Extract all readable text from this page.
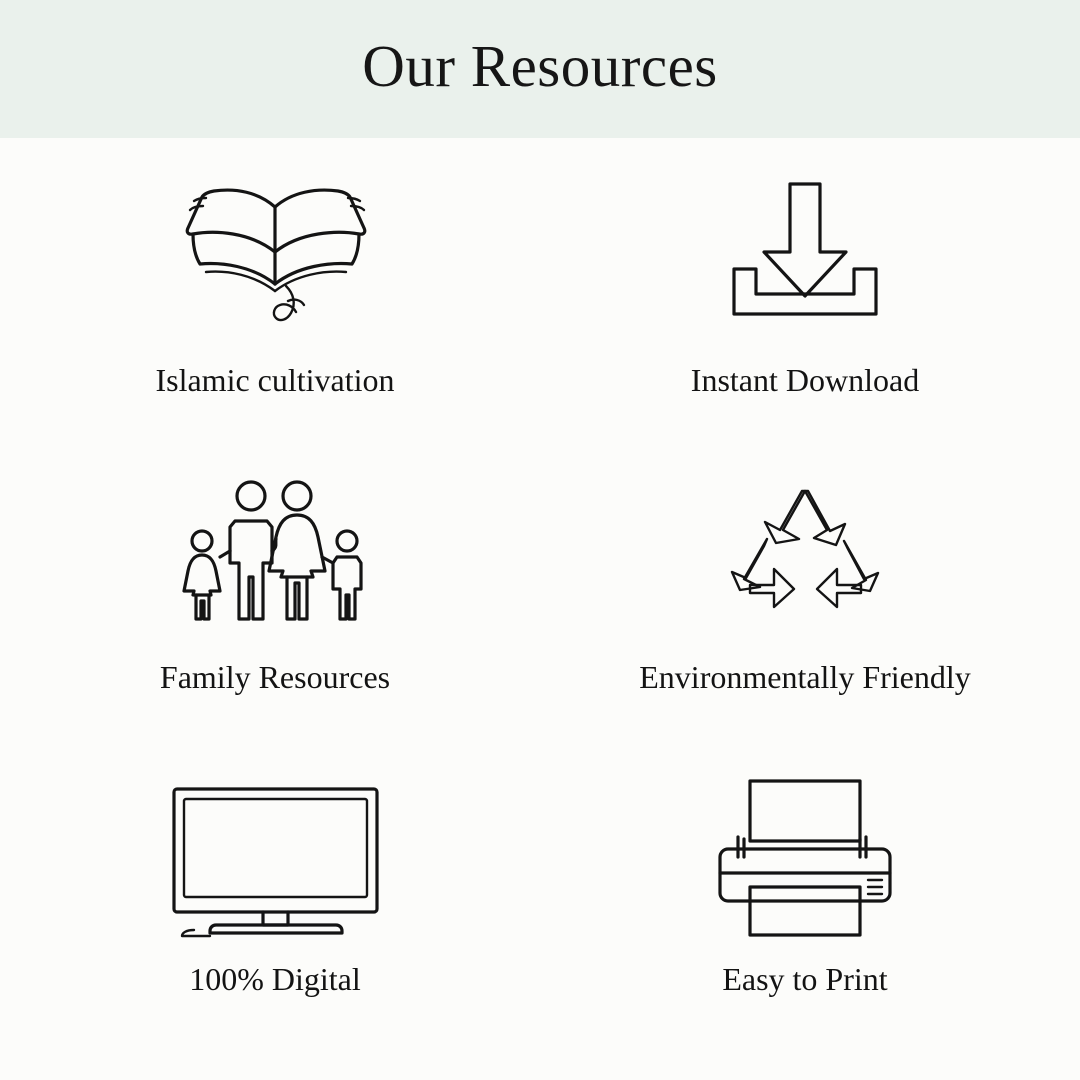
Our Resources
Islamic cultivation	Instant Download
Family Resources	Environmentally Friendly
100% Digital	Easy to Print
